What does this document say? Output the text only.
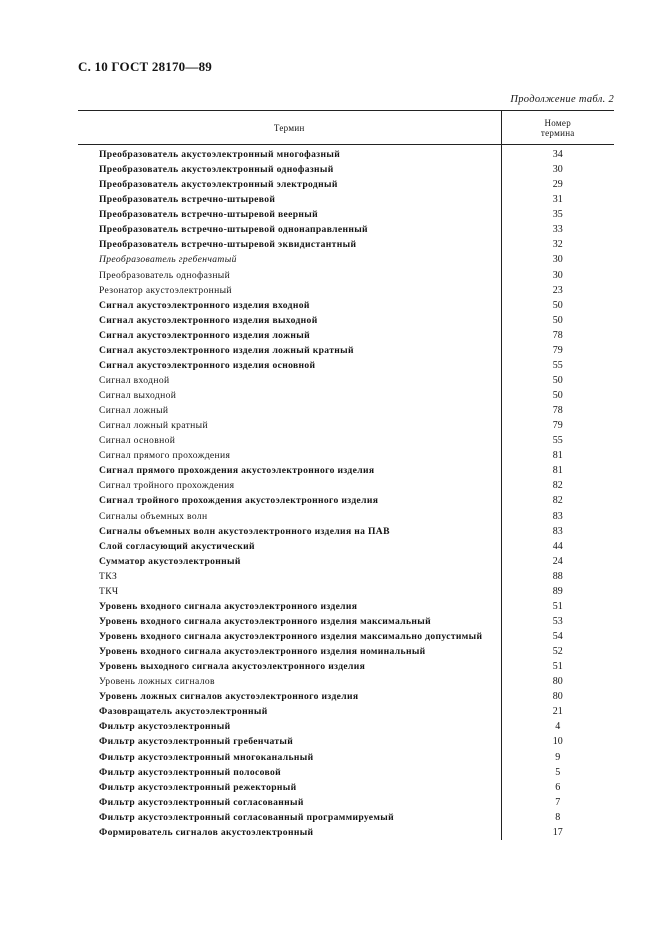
С. 10 ГОСТ 28170—89
Продолжение табл. 2
Термин	Номер
термина
Преобразователь акустоэлектронный многофазный	34
Преобразователь акустоэлектронный однофазный	30
Преобразователь акустоэлектронный электродный	29
Преобразователь встречно-штыревой	31
Преобразователь встречно-штыревой веерный	35
Преобразователь встречно-штыревой однонаправленный	33
Преобразователь встречно-штыревой эквидистантный	32
Преобразователь гребенчатый	30
Преобразователь однофазный	30
Резонатор акустоэлектронный	23
Сигнал акустоэлектронного изделия входной	50
Сигнал акустоэлектронного изделия выходной	50
Сигнал акустоэлектронного изделия ложный	78
Сигнал акустоэлектронного изделия ложный кратный	79
Сигнал акустоэлектронного изделия основной	55
Сигнал входной	50
Сигнал выходной	50
Сигнал ложный	78
Сигнал ложный кратный	79
Сигнал основной	55
Сигнал прямого прохождения	81
Сигнал прямого прохождения акустоэлектронного изделия	81
Сигнал тройного прохождения	82
Сигнал тройного прохождения акустоэлектронного изделия	82
Сигналы объемных волн	83
Сигналы объемных волн акустоэлектронного изделия на ПАВ	83
Слой согласующий акустический	44
Сумматор акустоэлектронный	24
ТКЗ	88
ТКЧ	89
Уровень входного сигнала акустоэлектронного изделия	51
Уровень входного сигнала акустоэлектронного изделия максимальный	53
Уровень входного сигнала акустоэлектронного изделия максимально допустимый	54
Уровень входного сигнала акустоэлектронного изделия номинальный	52
Уровень выходного сигнала акустоэлектронного изделия	51
Уровень ложных сигналов	80
Уровень ложных сигналов акустоэлектронного изделия	80
Фазовращатель акустоэлектронный	21
Фильтр акустоэлектронный	4
Фильтр акустоэлектронный гребенчатый	10
Фильтр акустоэлектронный многоканальный	9
Фильтр акустоэлектронный полосовой	5
Фильтр акустоэлектронный режекторный	6
Фильтр акустоэлектронный согласованный	7
Фильтр акустоэлектронный согласованный программируемый	8
Формирователь сигналов акустоэлектронный	17
